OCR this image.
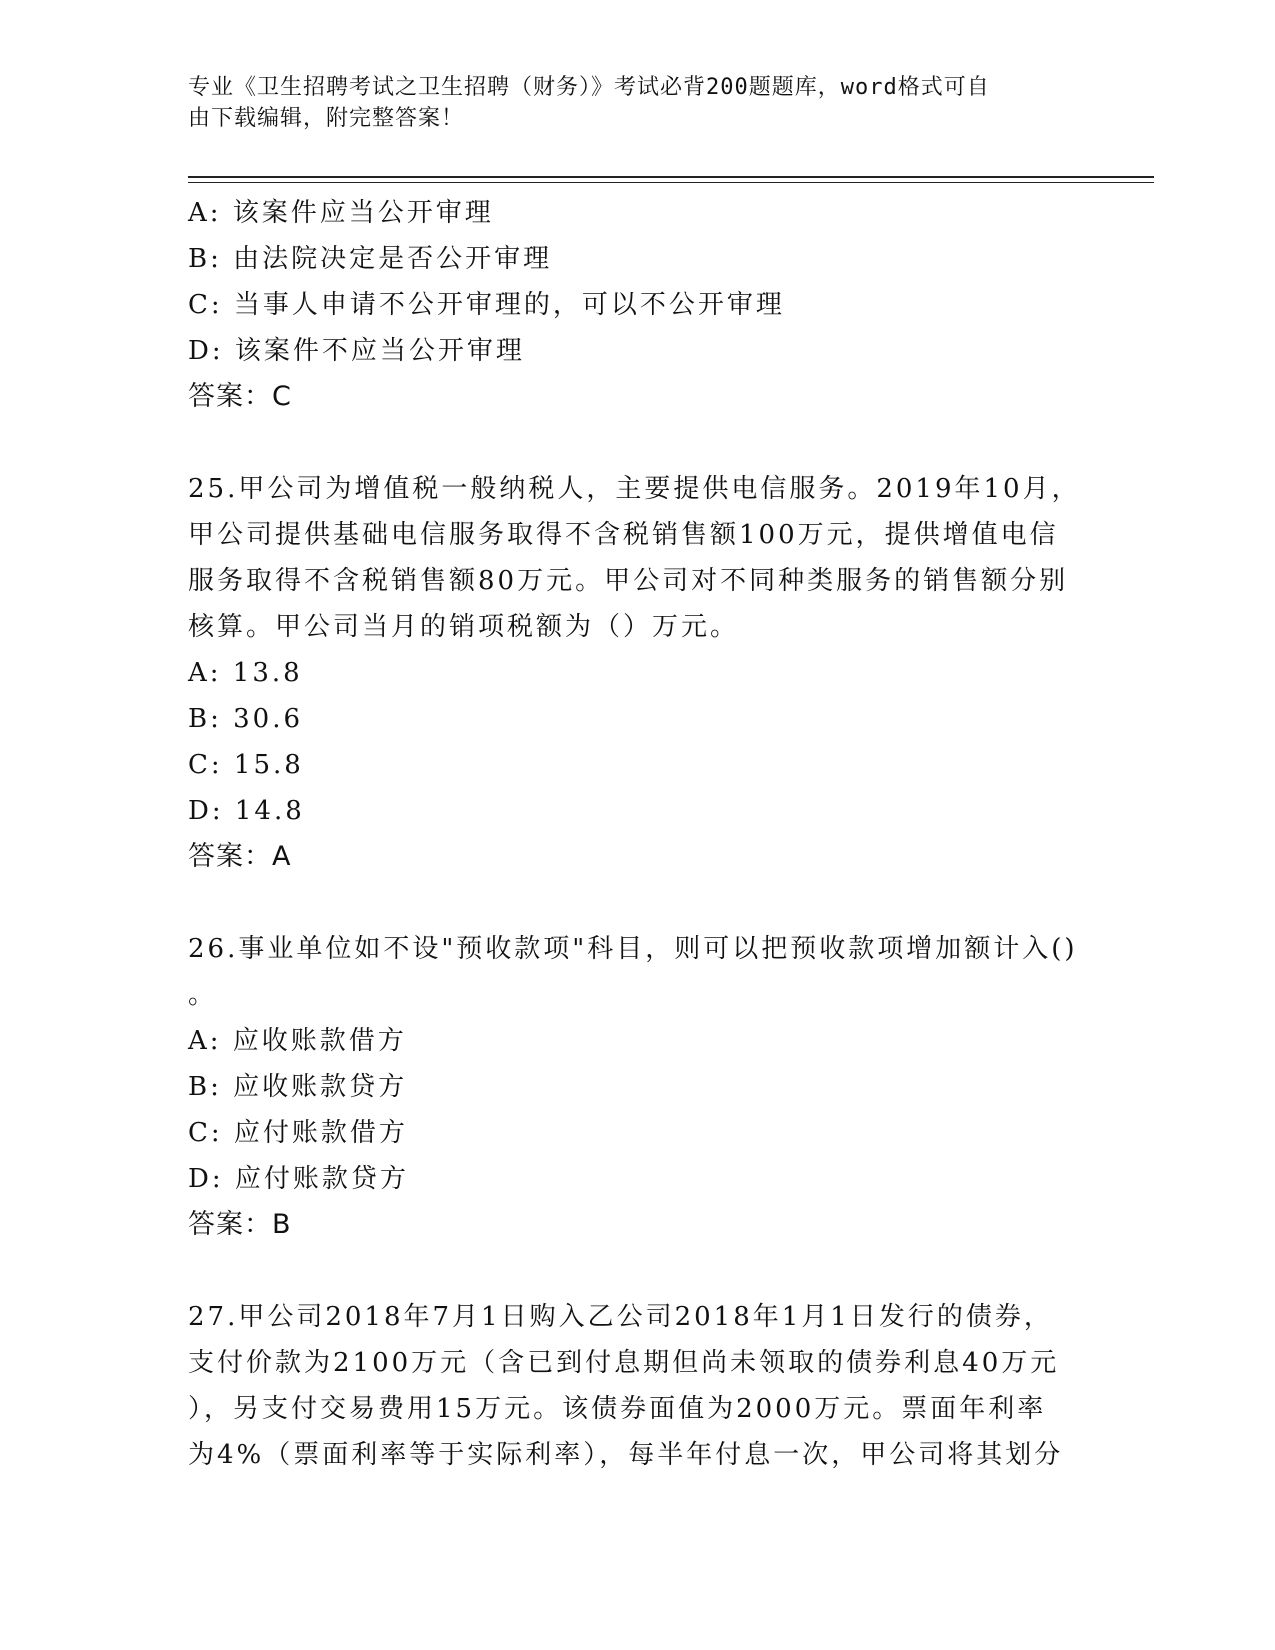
专业《卫生招聘考试之卫生招聘（财务）》考试必背200题题库，word格式可自
由下载编辑，附完整答案！
A: 该案件应当公开审理
B: 由法院决定是否公开审理
C: 当事人申请不公开审理的，可以不公开审理
D: 该案件不应当公开审理
答案：C
25.甲公司为增值税一般纳税人，主要提供电信服务。2019年10月，
甲公司提供基础电信服务取得不含税销售额100万元，提供增值电信
服务取得不含税销售额80万元。甲公司对不同种类服务的销售额分别
核算。甲公司当月的销项税额为（）万元。
A: 13.8
B: 30.6
C: 15.8
D: 14.8
答案：A
26.事业单位如不设"预收款项"科目，则可以把预收款项增加额计入()
。
A: 应收账款借方
B: 应收账款贷方
C: 应付账款借方
D: 应付账款贷方
答案：B
27.甲公司2018年7月1日购入乙公司2018年1月1日发行的债券，
支付价款为2100万元（含已到付息期但尚未领取的债券利息40万元
），另支付交易费用15万元。该债券面值为2000万元。票面年利率
为4%（票面利率等于实际利率），每半年付息一次，甲公司将其划分
